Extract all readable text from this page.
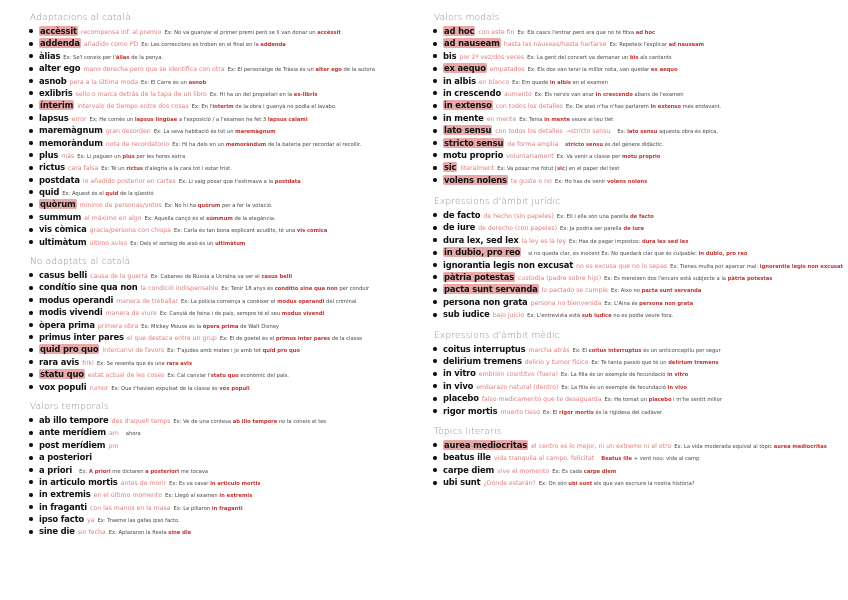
Adaptacions al català
accèssit recompensa inf. al premio Ex: No va guanyar el primer premi però se li van donar un accèssit
addenda añadido como PD Ex: Les correccions es troben en el final en la addenda
àlias Ex: Se'l coneix per l'àlias de la penya.
alter ego mano derecha pero que se identifica con otra Ex: El personatge de Tràsia és un alter ego de la autora
asnob pera a la última moda Ex: El Carre és un asnob
exlibris sello o marca detrás de la tapa de un libro Ex: Hi ha un del propietari en la ex-libris
ínterim intervalo de tiempo entre dos cosas Ex: En l'ínterim de la obra i guanyà no podia el lavabo.
lapsus error Ex: He comès un lapsus lingüae a l'exposició / a l'examen he fet 3 lapsus calami
maremàgnum gran desorden Ex: La seva habitació és tot un maremàgnum
memoràndum nota de recordatorio Ex: Hi ha dels en un memoràndum de la bateria per recordar al recollir.
plus más Ex: Li paguen un plus per les hores extra
rictus cara falsa Ex: Té un rictus d'alegria a la cara tot i estar trist.
postdata lo añadido posterior en cartes Ex: Li vaig posar que t'estimava a la postdata
quid Ex: Aquest és el quid de la qüestió
quòrum mínimo de personas/votos Ex: No hi ha quòrum per a fer la votació.
summum el máximo en algo Ex: Aquella cançó és el súmmum de la elegància.
vis còmica gracia/persona con chispa Ex: Carla és tan bona explicant acudits, té una vis còmica
ultimàtum último aviso Ex: Dels el sorteig de això és un ultimàtum
No adaptats al català
casus belli causa de la guerra Ex: Cabanes de Rússia a Ucraïna va ser el casus belli
condítio sine qua non la condició indispensable Ex: Tenir 18 anys és condítio sine qua non per conduir
modus operandi manera de treballar Ex: La policia comença a conèixer el modus operandi del criminal
modis vivendi manera de viure Ex: Canvià de feina i de país, sempre té el seu modus vivendi
òpera prima primera obra Ex: Mickey Mouse és la òpera prima de Walt Disney
primus inter pares el que destaca entre un grup Ex: El de goetel és el primus inter pares de la classe
quid pro quo intercanvi de favors Ex: T'ajudes amb mates i jo amb tot quid pro quo
rara avis friki Ex: Se resenta que és una rara avis
statu quo estat actual de les coses Ex: Cal canviar l'statu quo econòmic del país.
vox populi rumor Ex: Que t'havien expulsat de la classe és vox populi
Valors temporals
ab illo tempore des d'aquell temps Ex: Ve de una contesa ab illo tempore no la coneix el tes
ante merídiem am ahora
post merídiem pm
a posteriori
a priori Ex: A priori me dictaren a posteriori me tocava
in articulo mortis antes de morir Ex: Es va casar in articulo mortis
in extremis en el último momento Ex: Llegó al examen in extremis
in fraganti con las manos en la masa Ex: Le pillaron in fraganti
ipso facto ya Ex: Traeme las gafas ipso facto.
sine die sin fecha Ex: Aplazaron la fiesta sine die
Valors modals
ad hoc con este fin Ex: Els cascs l'entrar però ara que no té fitxa ad hoc
ad nauseam hasta las náuseas/hasta hartarse Ex: Repeteix l'explicar ad nauseam
bis por 2ª vez/dos veces Ex: La gent del concert va demanar un bis als cantants
ex aequo empatados Ex: Els dos van tenir la millor nota, van quedar ex aequo
in albis en blanco Ex: Em quedé in albis en el examen
in crescendo aumento Ex: Els nervis van anar in crescendo abans de l'examen
in extenso con todos los detalles Ex: De això n'ha n'has parlarem in extenso més endavant.
in mente en mente Ex: Tenia in mente veure al teu tiet
lato sensu con todos los detalles →stricto sensu Ex: lato sensu aquesta obra és èpica,
stricto sensu de forma amplia stricto sensu és del gènere didàctic.
motu proprio voluntariament Ex: Va venir a classe per motu proprio
sic literalment Ex: Va posar me fotut [sic] en el paper del test
volens nolens te guste o no Ex: Ho has de venir volens nolens
Expressions d'àmbit jurídic
de facto de hecho (sin papeles) Ex: Ell i ella són una parella de facto
de iure de derecho (con papeles) Ex: Ja podria ser parella de iure
dura lex, sed lex la ley es la ley Ex: Has de pagar impostos: dura lex sed lex
in dubio, pro reo si no queda clar, és inocent Ex: No quedarà clar que és culpable: in dubio, pro reo
ignorantia legis non excusat no es excusa que no lo sepas Ex: Tienes multa por aparcar mal: ignorantia legis non excusat
pàtria potestas custodia (padre sobre hijo) Ex: Es mereixen dos l'encars està subjecte a la pàtria potestas
pacta sunt servanda lo pactado se cumple Ex: Aixo no pacta sunt servanda
persona non grata persona no bienvenida Ex: L'Aina és persona non grata
sub iudice bajo juicio Ex: L'entrevista està sub iudice no es podia veure fora.
Expressions d'àmbit mèdic
coitus interruptus marcha atrás Ex: El coitus interruptus és un anticonceptiu per segur
delirium tremens delirio y tumor físico Ex: Té tanta passió que té un delírium tremens
in vitro embrión cosntitvo (fuera) Ex: La filla és un exemple de fecundació in vitro
in vivo embarazo natural (dentro) Ex: La filla és un exemple de fecundació in vivo
placebo falso medicamento que te desaguarda Ex: He tornat un placebo i m'he sentit millor
rigor mortis muerto tieso Ex: El rigor mortis és la rigidesa del cadàver.
Tòpics literaris
aurea mediocritas el centro es lo mejor, ni un extremo ni el otro Ex: La vida moderada equival al tòpic aurea mediocritas
beatus ille vida tranquila al campo, felicitat Beatus ille + vent nou: vida al camp
carpe diem vive el momento Ex: Es cada carpe diem
ubi sunt ¿Dónde estarán? Ex: On són ubi sunt els que van escriure la nostra història?
